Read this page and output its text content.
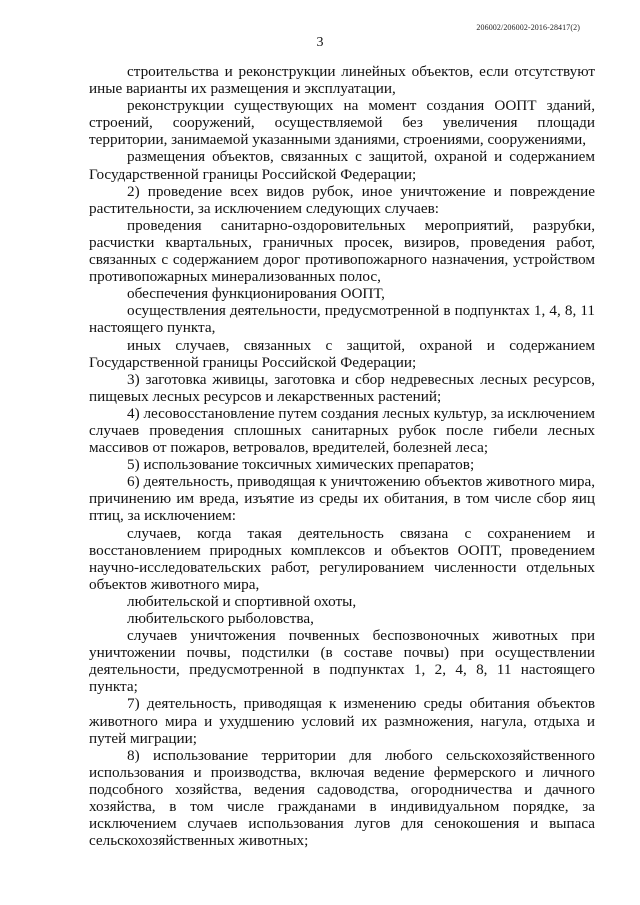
206002/206002-2016-28417(2)
3

строительства и реконструкции линейных объектов, если отсутствуют иные варианты их размещения и эксплуатации,

реконструкции существующих на момент создания ООПТ зданий, строений, сооружений, осуществляемой без увеличения площади территории, занимаемой указанными зданиями, строениями, сооружениями,

размещения объектов, связанных с защитой, охраной и содержанием Государственной границы Российской Федерации;

2) проведение всех видов рубок, иное уничтожение и повреждение растительности, за исключением следующих случаев:

проведения санитарно-оздоровительных мероприятий, разрубки, расчистки квартальных, граничных просек, визиров, проведения работ, связанных с содержанием дорог противопожарного назначения, устройством противопожарных минерализованных полос,

обеспечения функционирования ООПТ,

осуществления деятельности, предусмотренной в подпунктах 1, 4, 8, 11 настоящего пункта,

иных случаев, связанных с защитой, охраной и содержанием Государственной границы Российской Федерации;

3) заготовка живицы, заготовка и сбор недревесных лесных ресурсов, пищевых лесных ресурсов и лекарственных растений;

4) лесовосстановление путем создания лесных культур, за исключением случаев проведения сплошных санитарных рубок после гибели лесных массивов от пожаров, ветровалов, вредителей, болезней леса;

5) использование токсичных химических препаратов;

6) деятельность, приводящая к уничтожению объектов животного мира, причинению им вреда, изъятие из среды их обитания, в том числе сбор яиц птиц, за исключением:

случаев, когда такая деятельность связана с сохранением и восстановлением природных комплексов и объектов ООПТ, проведением научно-исследовательских работ, регулированием численности отдельных объектов животного мира,

любительской и спортивной охоты,

любительского рыболовства,

случаев уничтожения почвенных беспозвоночных животных при уничтожении почвы, подстилки (в составе почвы) при осуществлении деятельности, предусмотренной в подпунктах 1, 2, 4, 8, 11 настоящего пункта;

7) деятельность, приводящая к изменению среды обитания объектов животного мира и ухудшению условий их размножения, нагула, отдыха и путей миграции;

8) использование территории для любого сельскохозяйственного использования и производства, включая ведение фермерского и личного подсобного хозяйства, ведения садоводства, огородничества и дачного хозяйства, в том числе гражданами в индивидуальном порядке, за исключением случаев использования лугов для сенокошения и выпаса сельскохозяйственных животных;
